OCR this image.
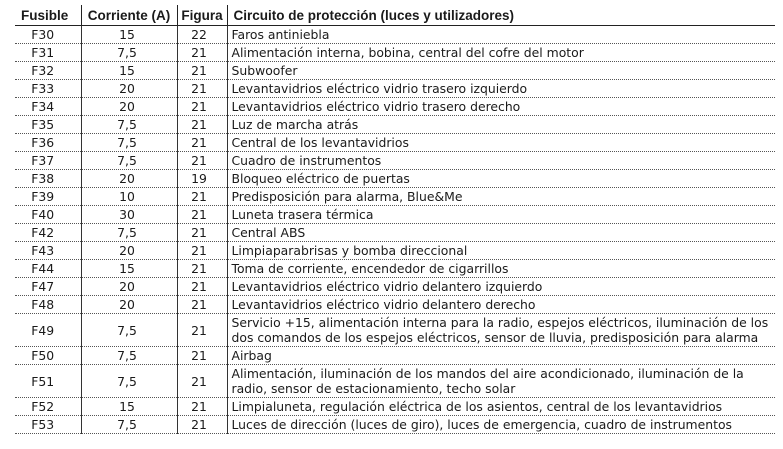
Fusible	Corriente (A)	Figura	Circuito de protección (luces y utilizadores)
F30	15	22	Faros antiniebla
F31	7,5	21	Alimentación interna, bobina, central del cofre del motor
F32	15	21	Subwoofer
F33	20	21	Levantavidrios eléctrico vidrio trasero izquierdo
F34	20	21	Levantavidrios eléctrico vidrio trasero derecho
F35	7,5	21	Luz de marcha atrás
F36	7,5	21	Central de los levantavidrios
F37	7,5	21	Cuadro de instrumentos
F38	20	19	Bloqueo eléctrico de puertas
F39	10	21	Predisposición para alarma, Blue&Me
F40	30	21	Luneta trasera térmica
F42	7,5	21	Central ABS
F43	20	21	Limpiaparabrisas y bomba direccional
F44	15	21	Toma de corriente, encendedor de cigarrillos
F47	20	21	Levantavidrios eléctrico vidrio delantero izquierdo
F48	20	21	Levantavidrios eléctrico vidrio delantero derecho
F49	7,5	21	Servicio +15, alimentación interna para la radio, espejos eléctricos, iluminación de los dos comandos de los espejos eléctricos, sensor de lluvia, predisposición para alarma
F50	7,5	21	Airbag
F51	7,5	21	Alimentación, iluminación de los mandos del aire acondicionado, iluminación de la radio, sensor de estacionamiento, techo solar
F52	15	21	Limpialuneta, regulación eléctrica de los asientos, central de los levantavidrios
F53	7,5	21	Luces de dirección (luces de giro), luces de emergencia, cuadro de instrumentos
